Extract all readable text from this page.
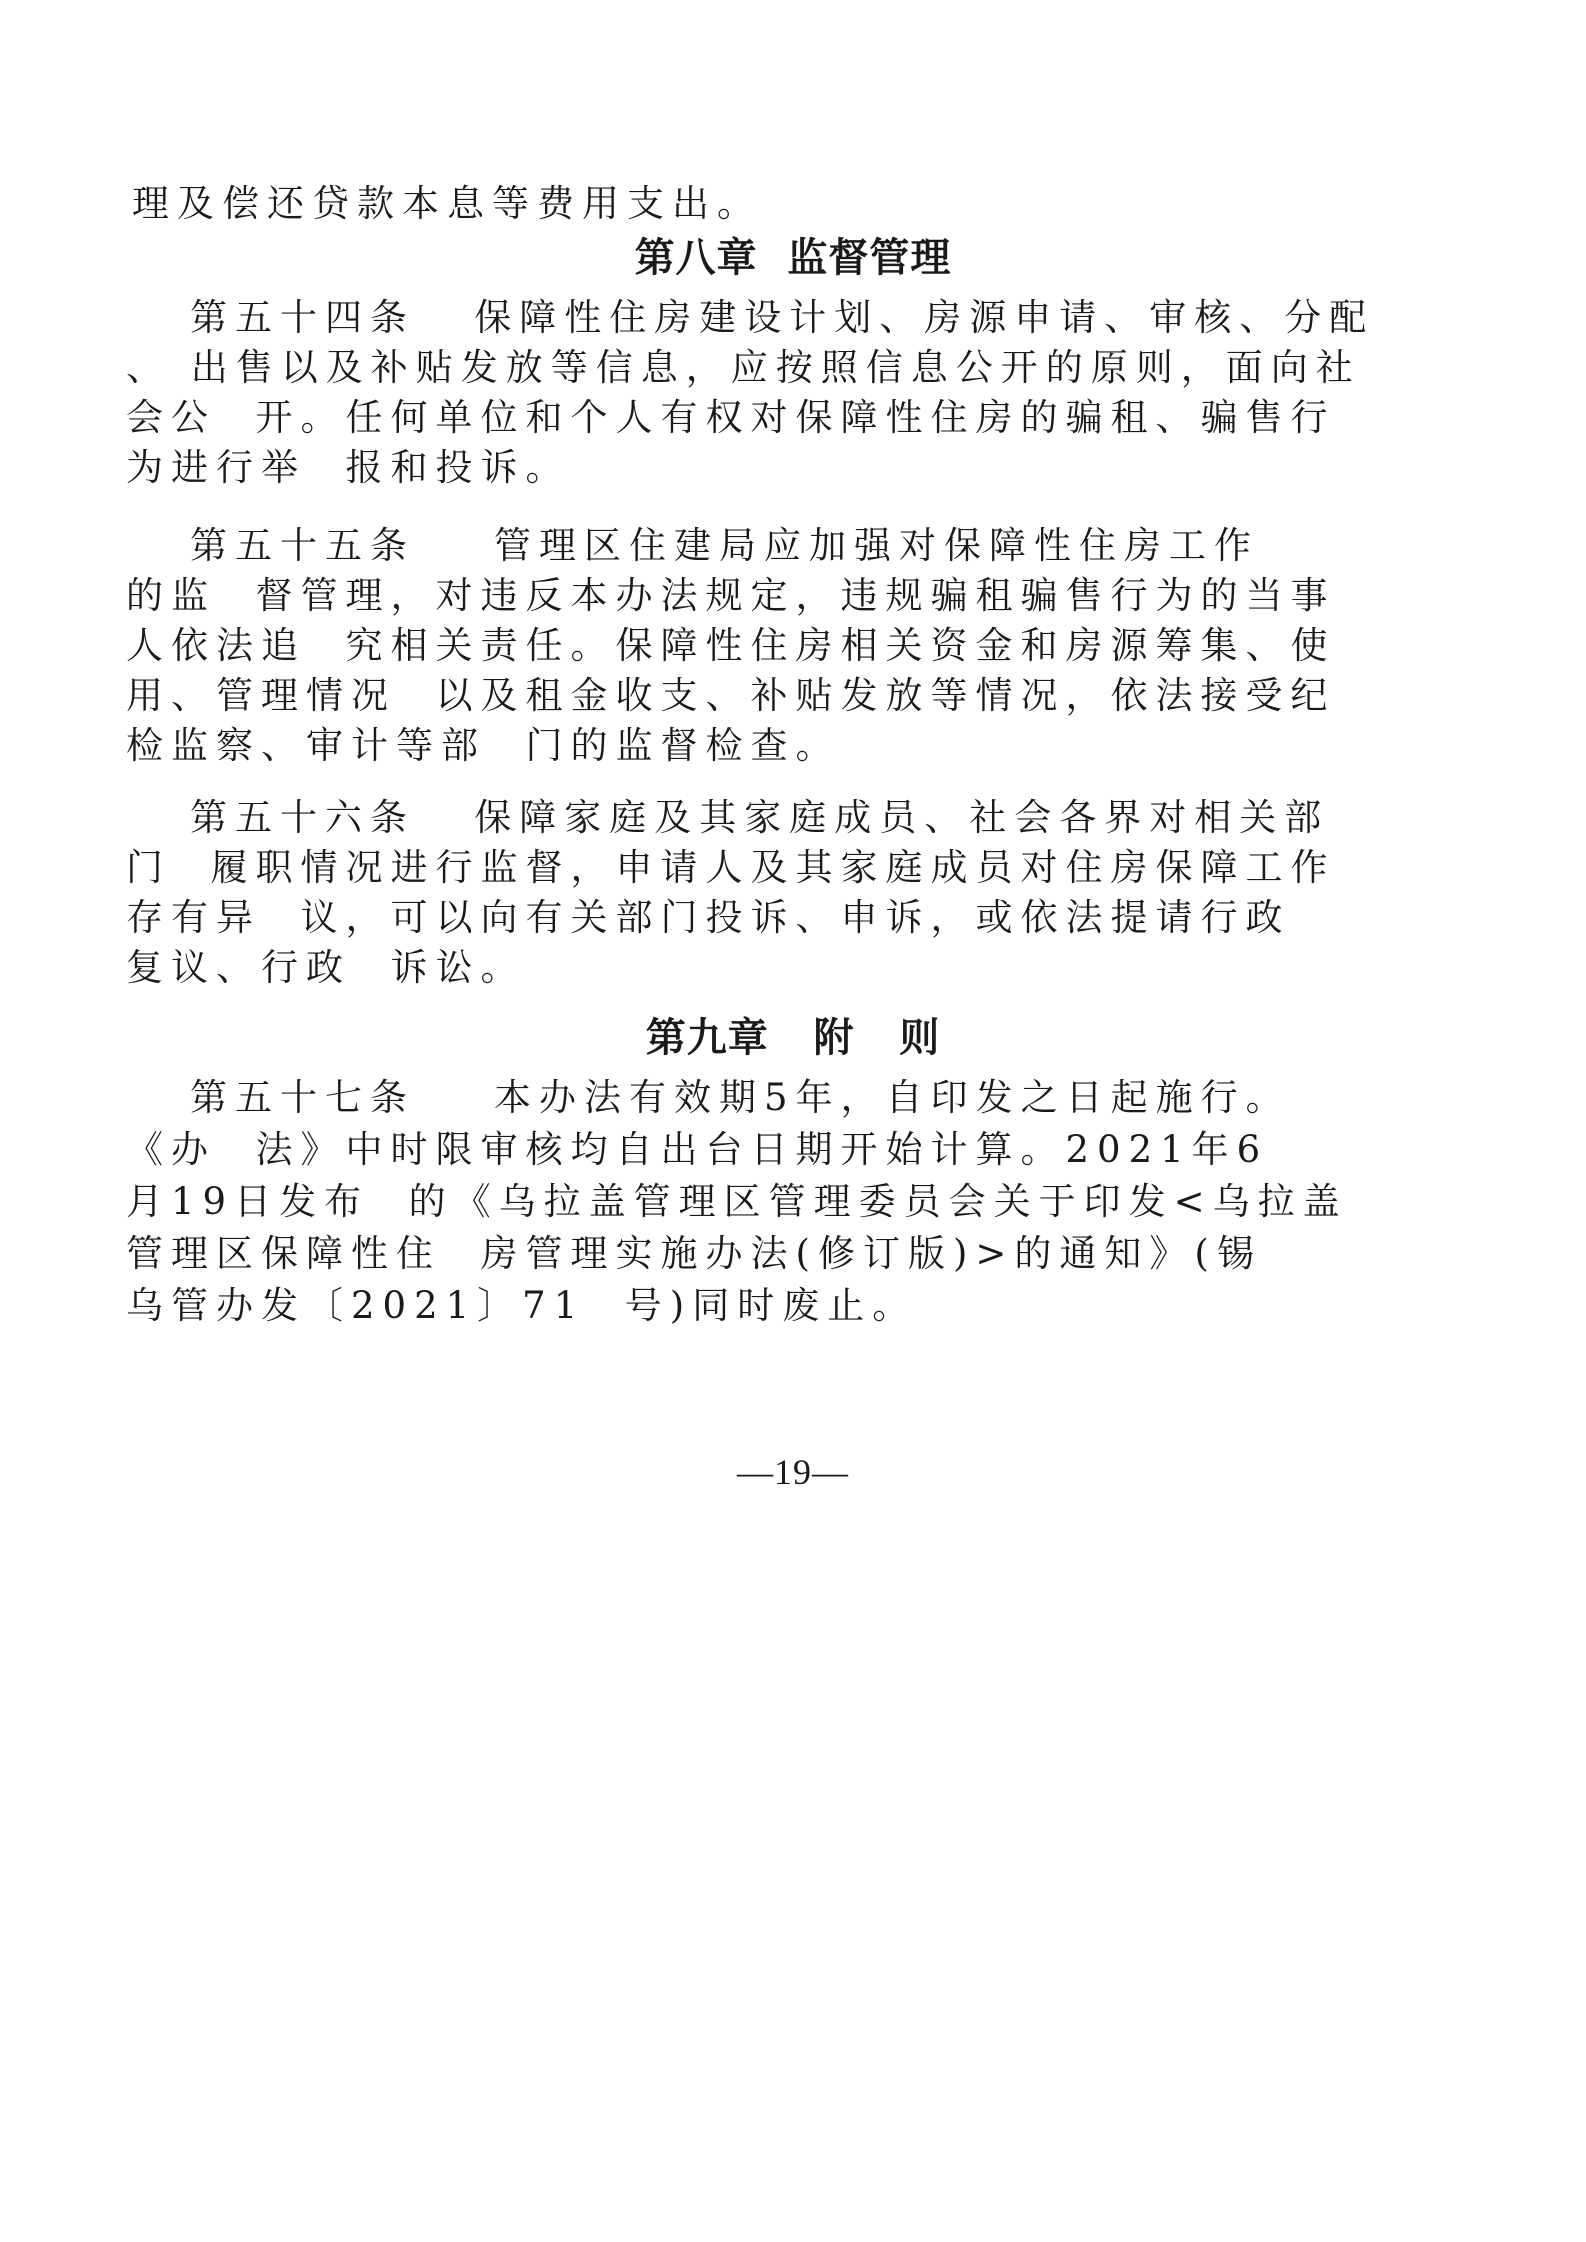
理及偿还贷款本息等费用支出。

第八章  监督管理
第五十四条   保障性住房建设计划、房源申请、审核、分配
、 出售以及补贴发放等信息，应按照信息公开的原则，面向社
会公  开。任何单位和个人有权对保障性住房的骗租、骗售行
为进行举  报和投诉。
第五十五条    管理区住建局应加强对保障性住房工作
的监  督管理，对违反本办法规定，违规骗租骗售行为的当事
人依法追  究相关责任。保障性住房相关资金和房源筹集、使
用、管理情况  以及租金收支、补贴发放等情况，依法接受纪
检监察、审计等部  门的监督检查。
第五十六条   保障家庭及其家庭成员、社会各界对相关部
门  履职情况进行监督，申请人及其家庭成员对住房保障工作
存有异  议，可以向有关部门投诉、申诉，或依法提请行政
复议、行政  诉讼。
第九章   附   则
第五十七条    本办法有效期5年，自印发之日起施行。
《办  法》中时限审核均自出台日期开始计算。2021年6
月19日发布  的《乌拉盖管理区管理委员会关于印发<乌拉盖
管理区保障性住  房管理实施办法(修订版)>的通知》(锡
乌管办发〔2021〕71  号)同时废止。
—19—
